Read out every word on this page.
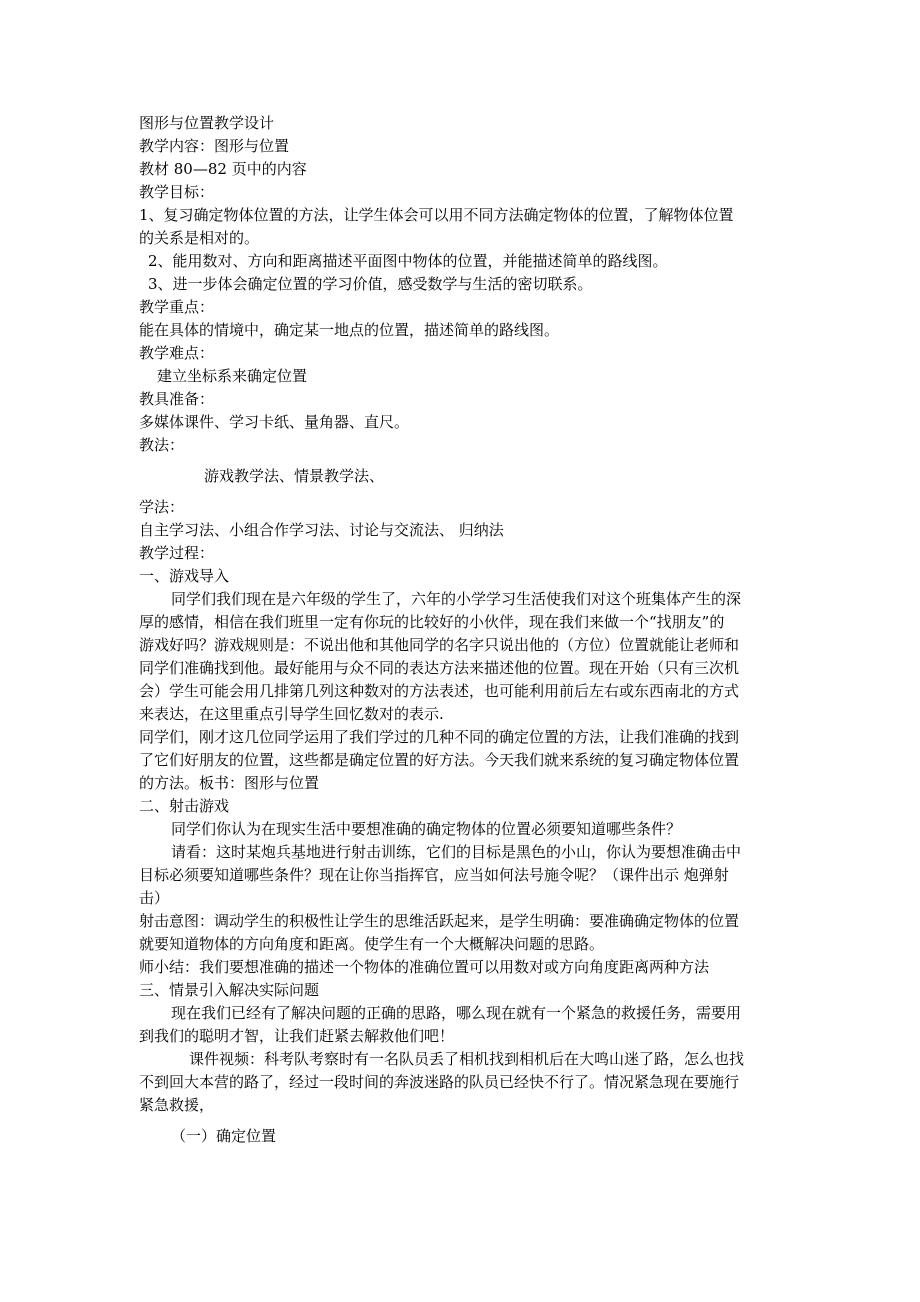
图形与位置教学设计
教学内容：图形与位置
教材 80—82 页中的内容
教学目标：
1、复习确定物体位置的方法，让学生体会可以用不同方法确定物体的位置，了解物体位置
的关系是相对的。
2、能用数对、方向和距离描述平面图中物体的位置，并能描述简单的路线图。
3、进一步体会确定位置的学习价值，感受数学与生活的密切联系。
教学重点：
能在具体的情境中，确定某一地点的位置，描述简单的路线图。
教学难点：
建立坐标系来确定位置
教具准备：
多媒体课件、学习卡纸、量角器、直尺。
教法：
游戏教学法、情景教学法、
学法：
自主学习法、小组合作学习法、讨论与交流法、 归纳法
教学过程：
一、游戏导入
同学们我们现在是六年级的学生了，六年的小学学习生活使我们对这个班集体产生的深
厚的感情，相信在我们班里一定有你玩的比较好的小伙伴，现在我们来做一个“找朋友”的
游戏好吗？游戏规则是：不说出他和其他同学的名字只说出他的（方位）位置就能让老师和
同学们准确找到他。最好能用与众不同的表达方法来描述他的位置。现在开始（只有三次机
会）学生可能会用几排第几列这种数对的方法表述，也可能利用前后左右或东西南北的方式
来表达，在这里重点引导学生回忆数对的表示.
同学们，刚才这几位同学运用了我们学过的几种不同的确定位置的方法，让我们准确的找到
了它们好朋友的位置，这些都是确定位置的好方法。今天我们就来系统的复习确定物体位置
的方法。板书：图形与位置
二、射击游戏
同学们你认为在现实生活中要想准确的确定物体的位置必须要知道哪些条件？
请看：这时某炮兵基地进行射击训练，它们的目标是黑色的小山，你认为要想准确击中
目标必须要知道哪些条件？现在让你当指挥官，应当如何法号施令呢？（课件出示 炮弹射
击）
射击意图：调动学生的积极性让学生的思维活跃起来，是学生明确：要准确确定物体的位置
就要知道物体的方向角度和距离。使学生有一个大概解决问题的思路。
师小结：我们要想准确的描述一个物体的准确位置可以用数对或方向角度距离两种方法
三、情景引入解决实际问题
现在我们已经有了解决问题的正确的思路，哪么现在就有一个紧急的救援任务，需要用
到我们的聪明才智，让我们赶紧去解救他们吧！
课件视频：科考队考察时有一名队员丢了相机找到相机后在大鸣山迷了路，怎么也找
不到回大本营的路了，经过一段时间的奔波迷路的队员已经快不行了。情况紧急现在要施行
紧急救援，
（一）确定位置
